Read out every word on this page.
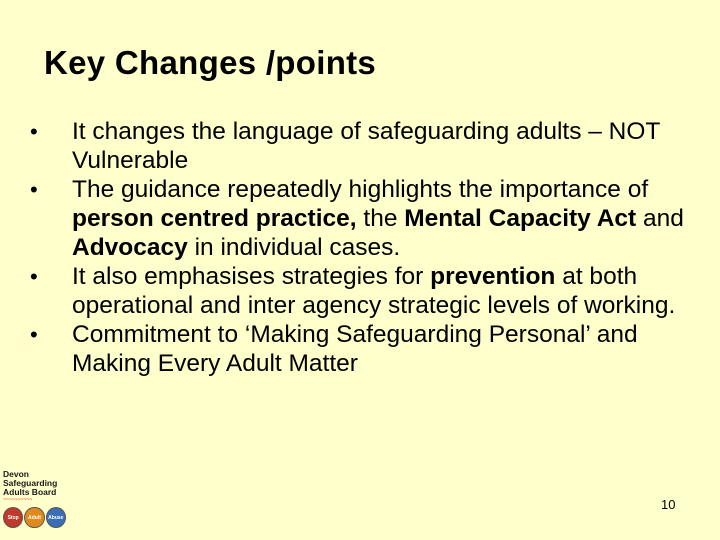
Key Changes /points
• It changes the language of safeguarding adults – NOT Vulnerable
• The guidance repeatedly highlights the importance of person centred practice, the Mental Capacity Act and Advocacy in individual cases.
• It also emphasises strategies for prevention at both operational and inter agency strategic levels of working.
• Commitment to ‘Making Safeguarding Personal’ and Making Every Adult Matter
Devon
Safeguarding
Adults Board
~~~~~~~~~~
Stop	Adult	Abuse
10
